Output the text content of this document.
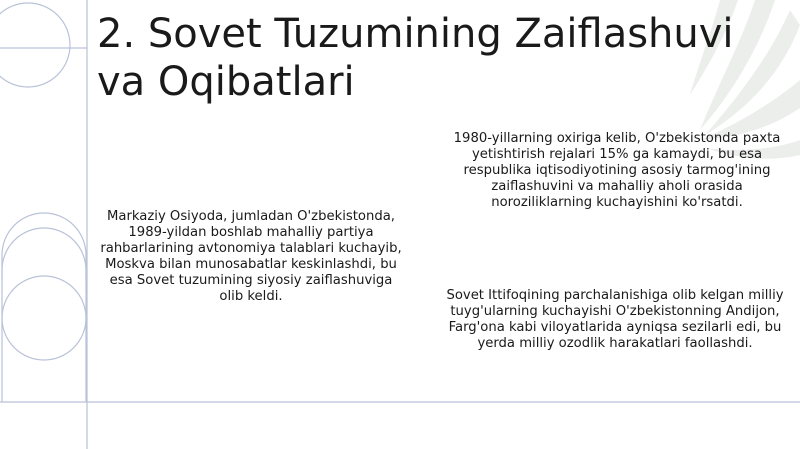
2. Sovet Tuzumining Zaiflashuvi va Oqibatlari

Markaziy Osiyoda, jumladan O'zbekistonda, 1989-yildan boshlab mahalliy partiya rahbarlarining avtonomiya talablari kuchayib, Moskva bilan munosabatlar keskinlashdi, bu esa Sovet tuzumining siyosiy zaiflashuviga olib keldi.

1980-yillarning oxiriga kelib, O'zbekistonda paxta yetishtirish rejalari 15% ga kamaydi, bu esa respublika iqtisodiyotining asosiy tarmog'ining zaiflashuvini va mahalliy aholi orasida noroziliklarning kuchayishini ko'rsatdi.

Sovet Ittifoqining parchalanishiga olib kelgan milliy tuyg'ularning kuchayishi O'zbekistonning Andijon, Farg'ona kabi viloyatlarida ayniqsa sezilarli edi, bu yerda milliy ozodlik harakatlari faollashdi.
